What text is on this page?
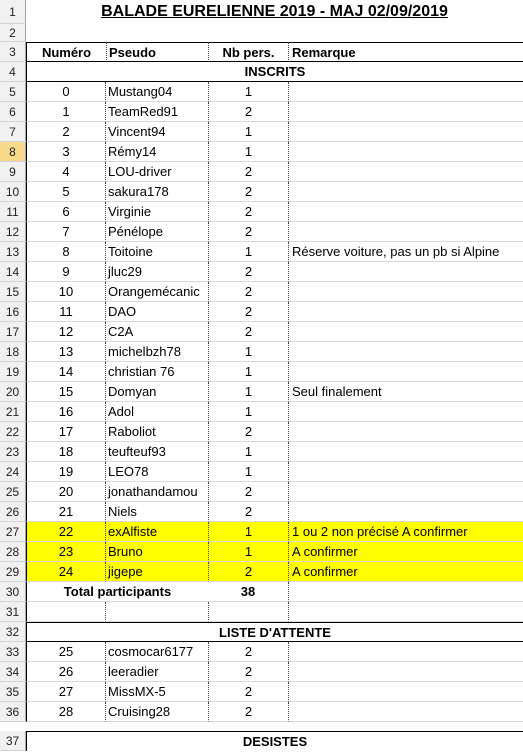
1	BALADE EURELIENNE 2019 - MAJ 02/09/2019
2
3	Numéro	Pseudo	Nb pers.	Remarque
4	INSCRITS
5	0	Mustang04	1
6	1	TeamRed91	2
7	2	Vincent94	1
8	3	Rémy14	1
9	4	LOU-driver	2
10	5	sakura178	2
11	6	Virginie	2
12	7	Pénélope	2
13	8	Toitoine	1	Réserve voiture, pas un pb si Alpine
14	9	jluc29	2
15	10	Orangemécanic	2
16	11	DAO	2
17	12	C2A	2
18	13	michelbzh78	1
19	14	christian 76	1
20	15	Domyan	1	Seul finalement
21	16	Adol	1
22	17	Raboliot	2
23	18	teufteuf93	1
24	19	LEO78	1
25	20	jonathandamou	2
26	21	Niels	2
27	22	exAlfiste	1	1 ou 2 non précisé A confirmer
28	23	Bruno	1	A confirmer
29	24	jigepe	2	A confirmer
30	Total participants	38
31
32	LISTE D'ATTENTE
33	25	cosmocar6177	2
34	26	leeradier	2
35	27	MissMX-5	2
36	28	Cruising28	2
37	DESISTES
